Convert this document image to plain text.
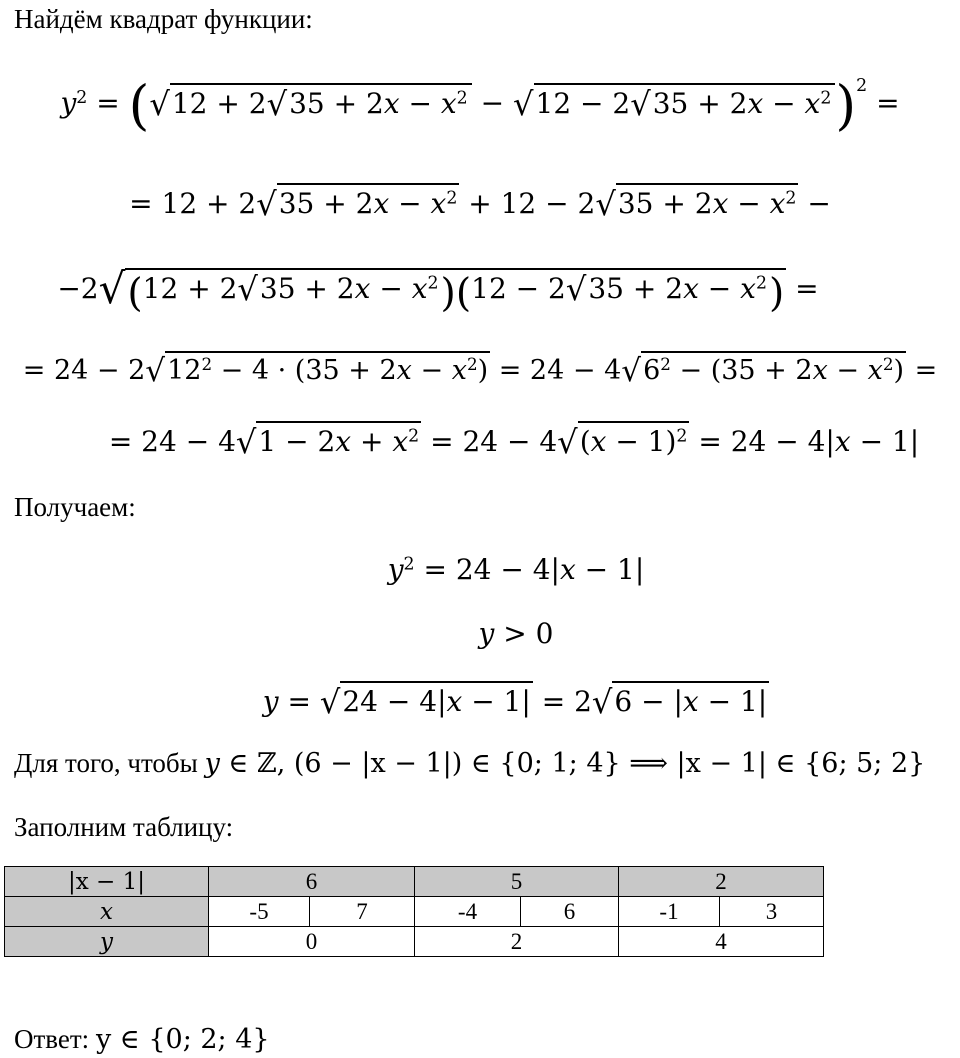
Найдём квадрат функции:
$y^2 = (√12 + 2√35 + 2x - x^2 - √12 - 2√35 + 2x - x^2)^2$ =
= $12 + 2√35 + 2x - x^2 + 12 - 2√35 + 2x - x^2$ −
$-2√(12 + 2√35 + 2x - x^2)(12 - 2√35 + 2x - x^2)$ =
= $24 - 2√12^2 - 4 \cdot (35 + 2x - x^2) = 24 - 4√6^2 - (35 + 2x - x^2)$ =
= $24 - 4√1 - 2x + x^2 = 24 - 4√(x - 1)^2 = 24 - 4|x - 1|$
Получаем:
$y^2 = 24 - 4|x - 1|$
y > 0
y = √24 − 4|x − 1| = 2√6 − |x − 1|
Для того, чтобы y ∈ ℤ, (6 − |x − 1|) ∈ {0; 1; 4} ⟹ |x − 1| ∈ {6; 5; 2}
Заполним таблицу:
|x − 1|	6		5		2	
x	-5	7	-4	6	-1	3
y	0		2		4	
Ответ: y ∈ {0; 2; 4}
